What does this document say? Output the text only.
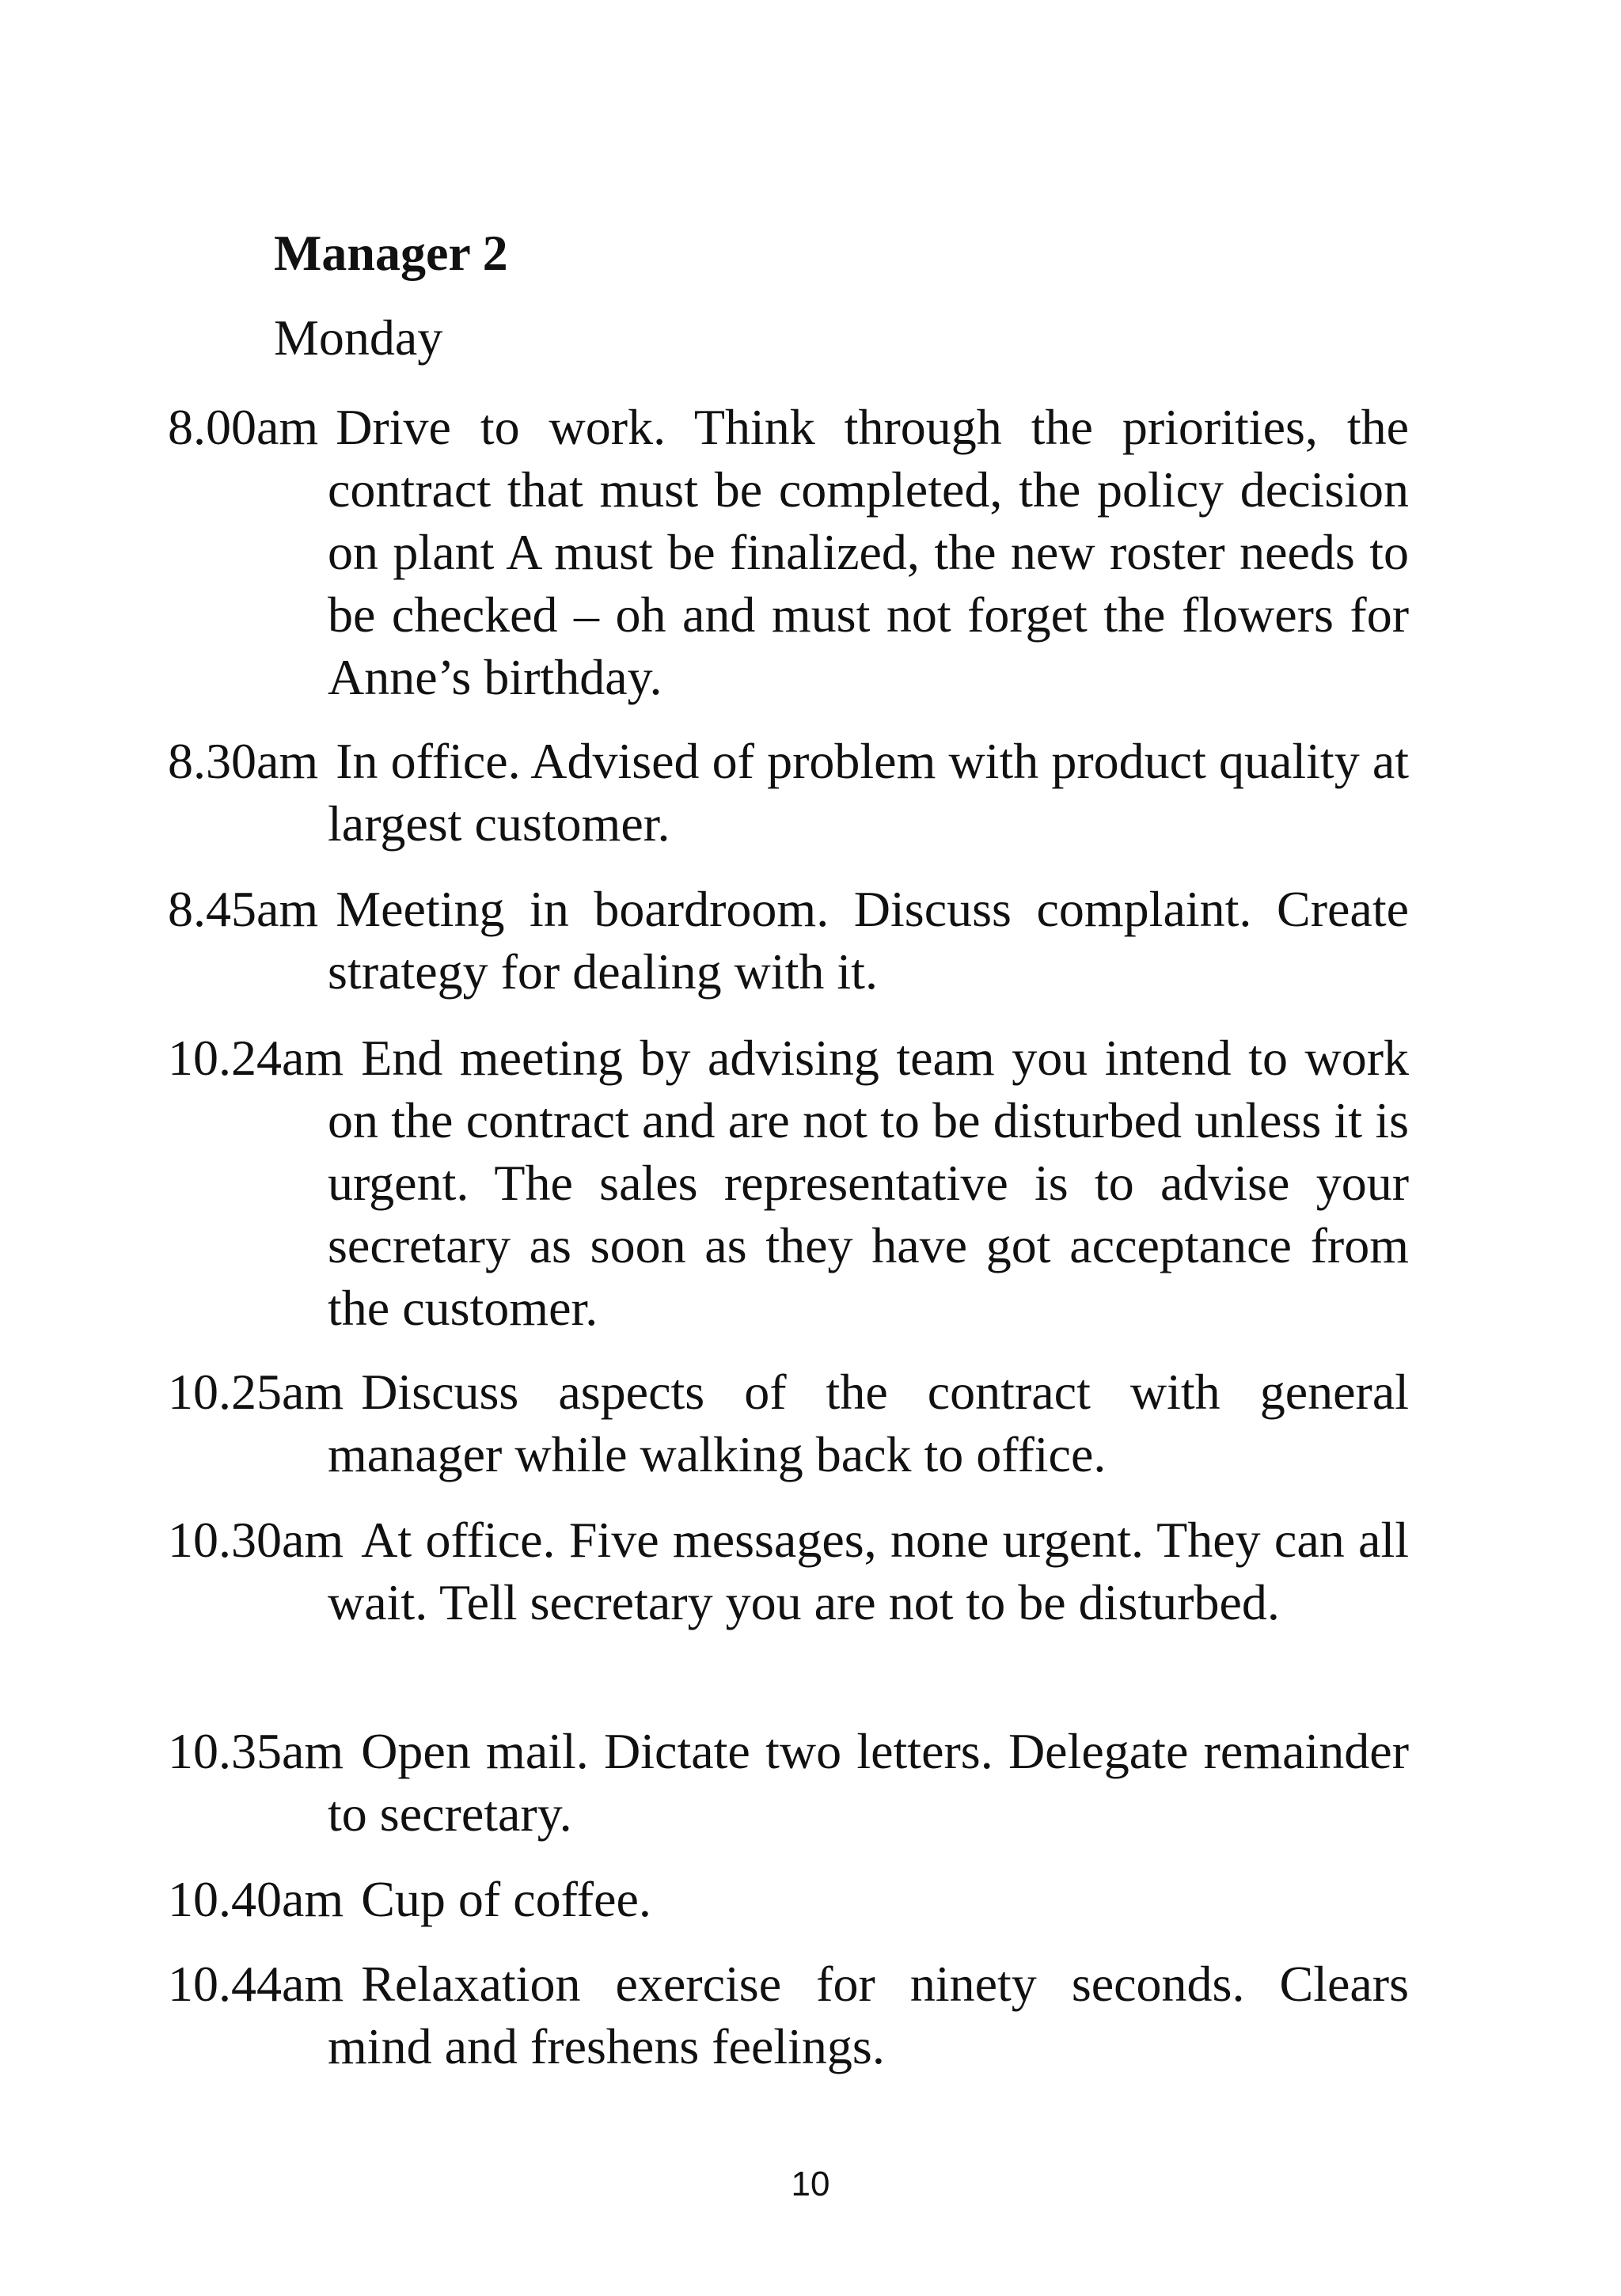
Manager 2
Monday
8.00am Drive to work. Think through the priorities, the contract that must be completed, the policy decision on plant A must be finalized, the new roster needs to be checked – oh and must not forget the flowers for Anne’s birthday.
8.30am In office. Advised of problem with product quality at largest customer.
8.45am Meeting in boardroom. Discuss complaint. Create strategy for dealing with it.
10.24am End meeting by advising team you intend to work on the contract and are not to be disturbed unless it is urgent. The sales representative is to advise your secretary as soon as they have got acceptance from the customer.
10.25am Discuss aspects of the contract with general manager while walking back to office.
10.30am At office. Five messages, none urgent. They can all wait. Tell secretary you are not to be disturbed.
10.35am Open mail. Dictate two letters. Delegate remainder to secretary.
10.40am Cup of coffee.
10.44am Relaxation exercise for ninety seconds. Clears mind and freshens feelings.
10
